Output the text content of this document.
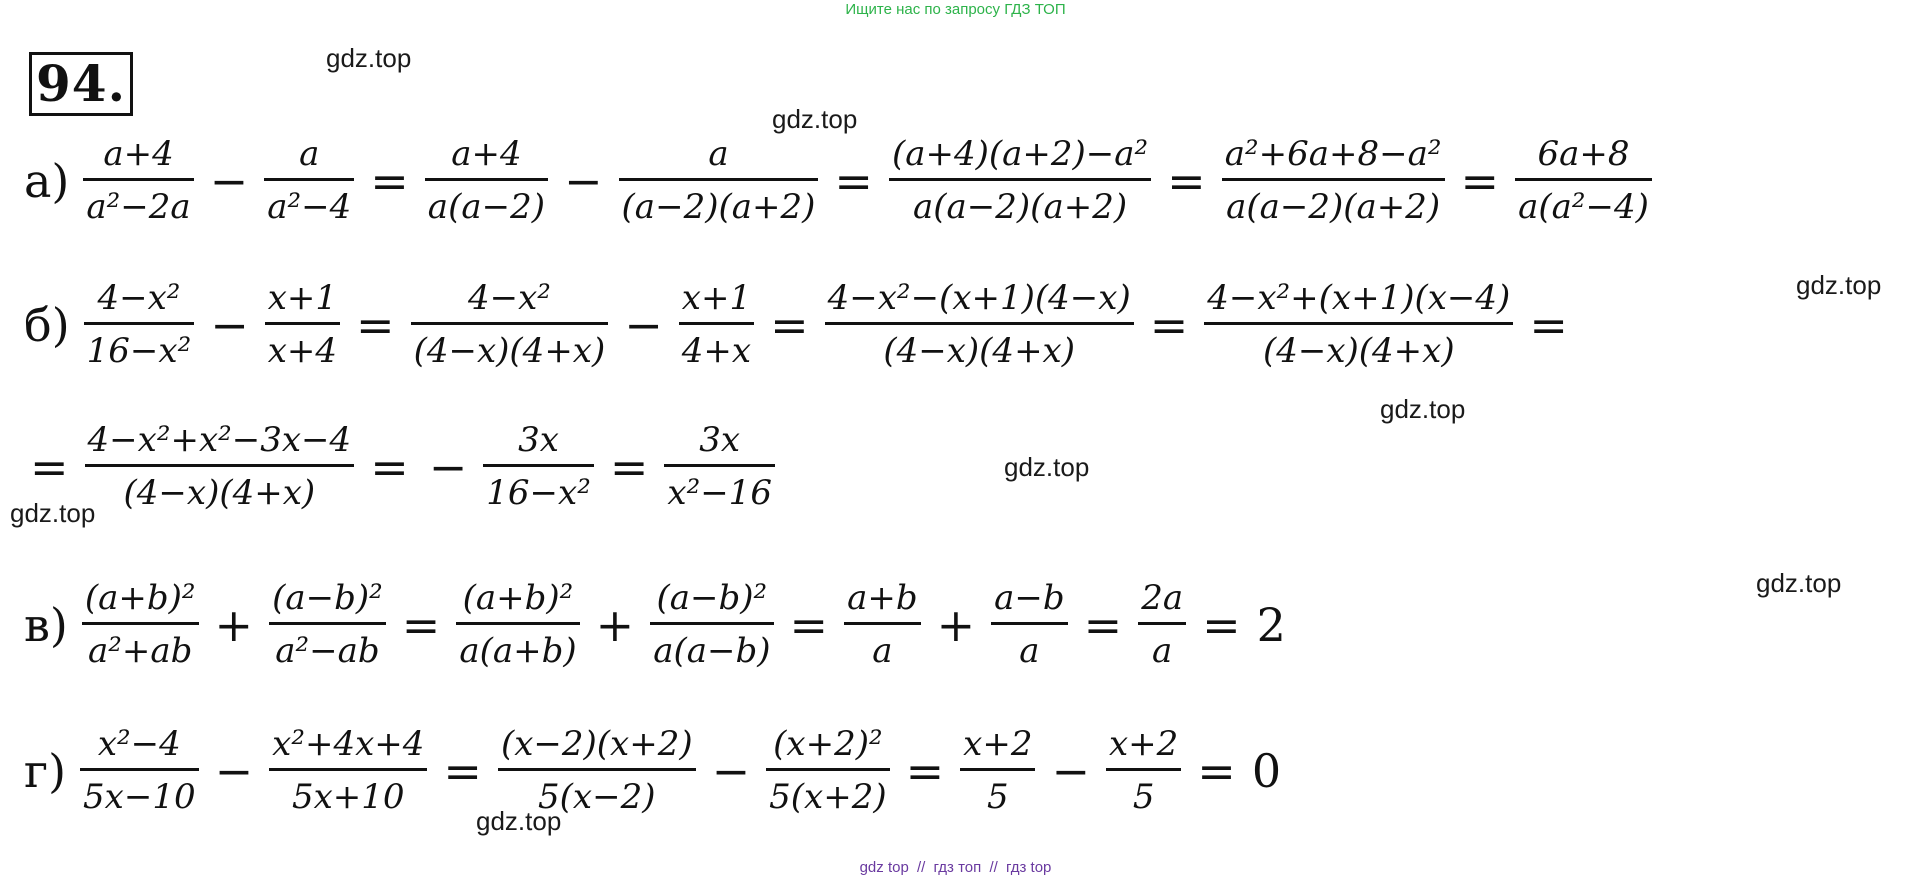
Ищите нас по запросу ГДЗ ТОП
94.	gdz.top
gdz.top
gdz.top
gdz.top
gdz.top
gdz.top
gdz.top
gdz.top
$а) \frac{a+4}{\text{a²−2a}} - \frac{a}{\text{a²−4}} = \frac{a+4}{a(a-2)} - \frac{a}{(a-2)(a+2)} = \frac{\text{(a+4)(a+2)−a²}}{a(a-2)(a+2)} = \frac{\text{a²+6a+8−a²}}{a(a-2)(a+2)} = \frac{6a+8}{\text{a(a²−4)}}$
$б) \frac{\text{4−x²}}{\text{16−x²}} - \frac{x+1}{x+4} = \frac{\text{4−x²}}{(4-x)(4+x)} - \frac{x+1}{4+x} = \frac{\text{4−x²−(x+1)(4−x)}}{(4-x)(4+x)} = \frac{\text{4−x²+(x+1)(x−4)}}{(4-x)(4+x)}$ =
= $\frac{\text{4−x²+x²−3x−4}}{(4-x)(4+x)}$ = − $\frac{3x}{\text{16−x²}} = \frac{3x}{\text{x²−16}}$
$в) \frac{\text{(a+b)²}}{\text{a²+ab}} + \frac{\text{(a−b)²}}{\text{a²−ab}} = \frac{\text{(a+b)²}}{a(a+b)} + \frac{\text{(a−b)²}}{a(a-b)} = \frac{a+b}{a} + \frac{a-b}{a} = \frac{2a}{a} = 2$
$г) \frac{\text{x²−4}}{5x-10} - \frac{\text{x²+4x+4}}{5x+10} = \frac{(x-2)(x+2)}{5(x-2)} - \frac{\text{(x+2)²}}{5(x+2)} = \frac{x+2}{5} - \frac{x+2}{5} = 0$
gdz top // гдз топ // гдз top
